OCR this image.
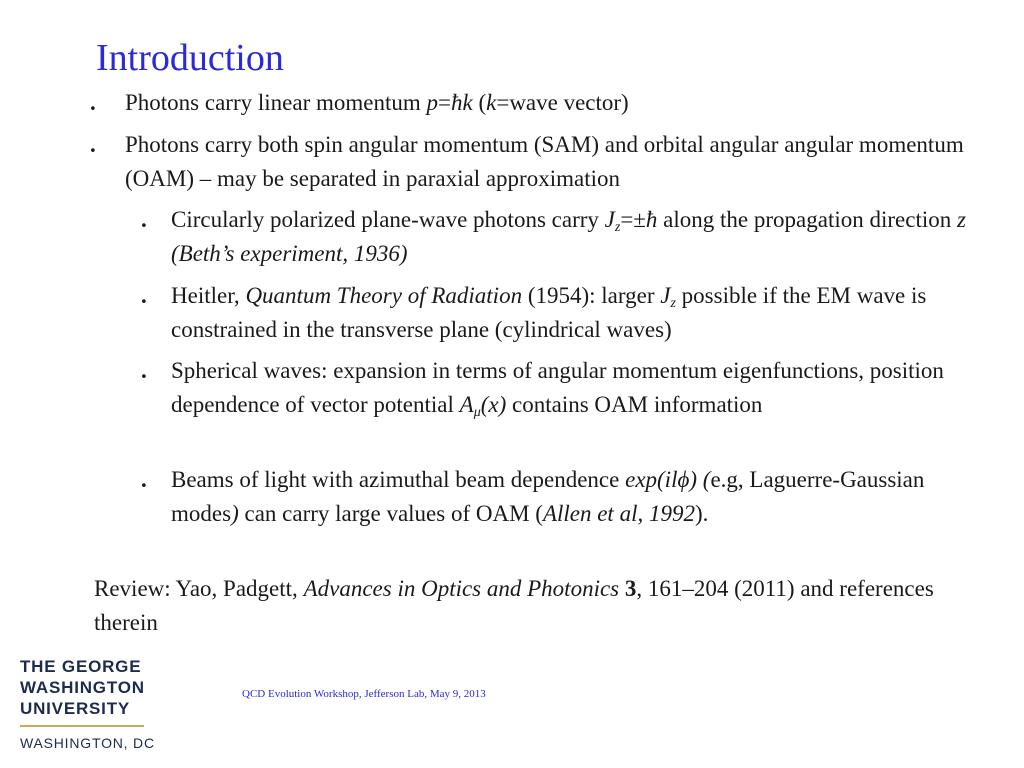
Introduction
. Photons carry linear momentum p=ħk (k=wave vector)
. Photons carry both spin angular momentum (SAM) and orbital angular angular momentum (OAM) – may be separated in paraxial approximation
. Circularly polarized plane-wave photons carry $J_z=\pm ħ$ along the propagation direction z (Beth’s experiment, 1936)
. Heitler, Quantum Theory of Radiation (1954): larger $J_z$ possible if the EM wave is constrained in the transverse plane (cylindrical waves)
. Spherical waves: expansion in terms of angular momentum eigenfunctions, position dependence of vector potential $A_\mu(x)$ contains OAM information
. Beams of light with azimuthal beam dependence exp(ilϕ) (e.g, Laguerre-Gaussian modes) can carry large values of OAM (Allen et al, 1992).
Review: Yao, Padgett, Advances in Optics and Photonics 3, 161–204 (2011) and references therein
THE GEORGE
WASHINGTON
UNIVERSITY
WASHINGTON, DC
QCD Evolution Workshop, Jefferson Lab, May 9, 2013
